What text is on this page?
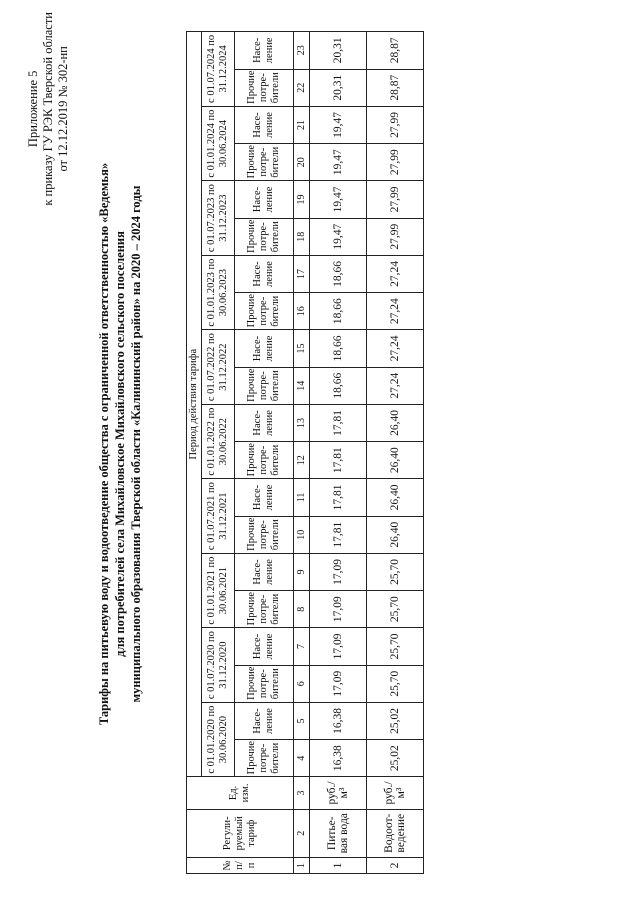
Приложение 5 к приказу ГУ РЭК Тверской области от 12.12.2019 № 302-нп
Тарифы на питьевую воду и водоотведение общества с ограниченной ответственностью «Ведемья» для потребителей села Михайловское Михайловского сельского поселения муниципального образования Тверской области «Калининский район» на 2020 – 2024 годы
№ п/п	Регули-руемый тариф	Ед. изм.	Период действия тарифа																			
			с 01.01.2020 по 30.06.2020		с 01.07.2020 по 31.12.2020		с 01.01.2021 по 30.06.2021		с 01.07.2021 по 31.12.2021		с 01.01.2022 по 30.06.2022		с 01.07.2022 по 31.12.2022		с 01.01.2023 по 30.06.2023		с 01.07.2023 по 31.12.2023		с 01.01.2024 по 30.06.2024		с 01.07.2024 по 31.12.2024	
			Прочие потре-бители	Насе-ление	Прочие потре-бители	Насе-ление	Прочие потре-бители	Насе-ление	Прочие потре-бители	Насе-ление	Прочие потре-бители	Насе-ление	Прочие потре-бители	Насе-ление	Прочие потре-бители	Насе-ление	Прочие потре-бители	Насе-ление	Прочие потре-бители	Насе-ление	Прочие потре-бители	Насе-ление
1	2	3	4	5	6	7	8	9	10	11	12	13	14	15	16	17	18	19	20	21	22	23
1	Питье-вая вода	руб./м³	16,38	16,38	17,09	17,09	17,09	17,09	17,81	17,81	17,81	17,81	18,66	18,66	18,66	18,66	19,47	19,47	19,47	19,47	20,31	20,31
2	Водоот-ведение	руб./м³	25,02	25,02	25,70	25,70	25,70	25,70	26,40	26,40	26,40	26,40	27,24	27,24	27,24	27,24	27,99	27,99	27,99	27,99	28,87	28,87
